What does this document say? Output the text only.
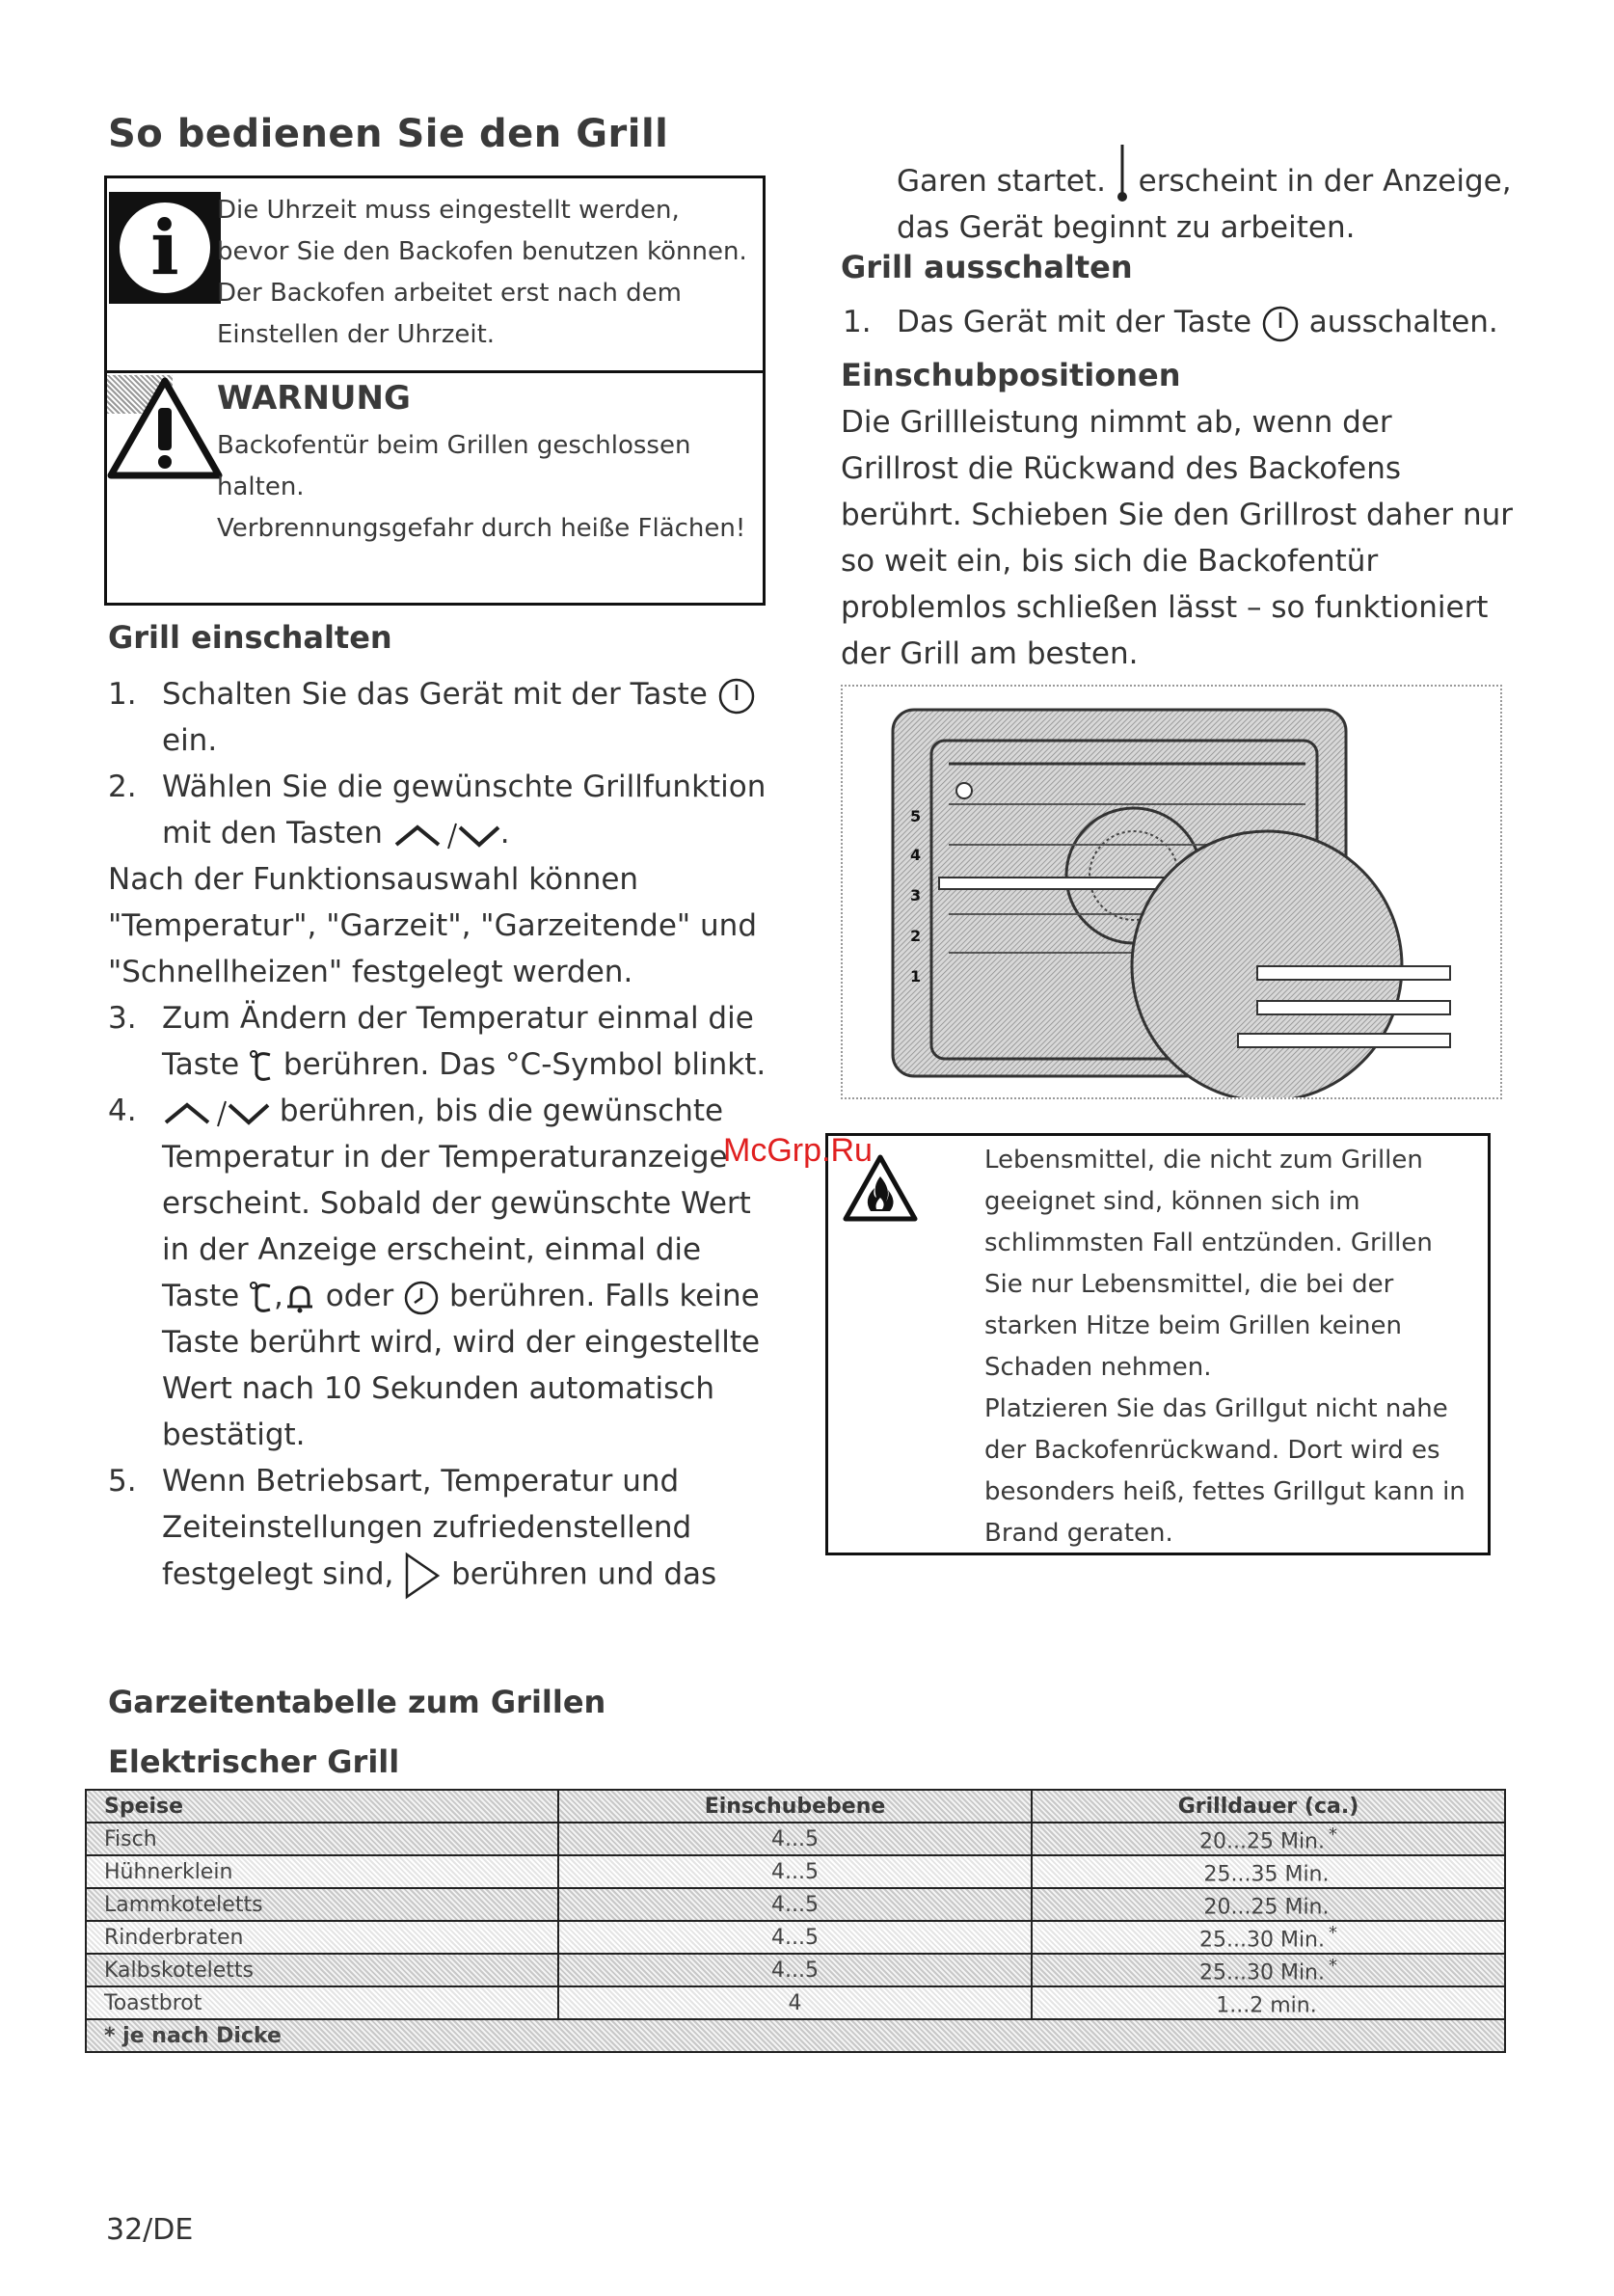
So bedienen Sie den Grill
i	Die Uhrzeit muss eingestellt werden, bevor Sie den Backofen benutzen können. Der Backofen arbeitet erst nach dem Einstellen der Uhrzeit.
WARNUNG
Backofentür beim Grillen geschlossen halten.
Verbrennungsgefahr durch heiße Flächen!
Grill einschalten
1. Schalten Sie das Gerät mit der Taste
ein.
2. Wählen Sie die gewünschte Grillfunktion mit den Tasten	.
Nach der Funktionsauswahl können "Temperatur", "Garzeit", "Garzeitende" und "Schnellheizen" festgelegt werden.
3. Zum Ändern der Temperatur einmal die Taste berühren. Das °C-Symbol blinkt.
4.	berühren, bis die gewünschte Temperatur in der Temperaturanzeige erscheint. Sobald der gewünschte Wert in der Anzeige erscheint, einmal die Taste , oder berühren. Falls keine Taste berührt wird, wird der eingestellte Wert nach 10 Sekunden automatisch bestätigt.
5. Wenn Betriebsart, Temperatur und Zeiteinstellungen zufriedenstellend festgelegt sind, berühren und das
Garen startet. erscheint in der Anzeige, das Gerät beginnt zu arbeiten.
Grill ausschalten
1. Das Gerät mit der Taste ausschalten.
Einschubpositionen
Die Grillleistung nimmt ab, wenn der Grillrost die Rückwand des Backofens berührt. Schieben Sie den Grillrost daher nur so weit ein, bis sich die Backofentür problemlos schließen lässt – so funktioniert der Grill am besten.
5
4
3
2
1
Lebensmittel, die nicht zum Grillen geeignet sind, können sich im schlimmsten Fall entzünden. Grillen Sie nur Lebensmittel, die bei der starken Hitze beim Grillen keinen Schaden nehmen.
Platzieren Sie das Grillgut nicht nahe der Backofenrückwand. Dort wird es besonders heiß, fettes Grillgut kann in Brand geraten.
McGrp.Ru
Garzeitentabelle zum Grillen
Elektrischer Grill
Speise	Einschubebene	Grilldauer (ca.)
Fisch	4...5	20...25 Min. *
Hühnerklein	4...5	25...35 Min.
Lammkoteletts	4...5	20...25 Min.
Rinderbraten	4...5	25...30 Min. *
Kalbskoteletts	4...5	25...30 Min. *
Toastbrot	4	1...2 min.
* je nach Dicke		
32/DE
